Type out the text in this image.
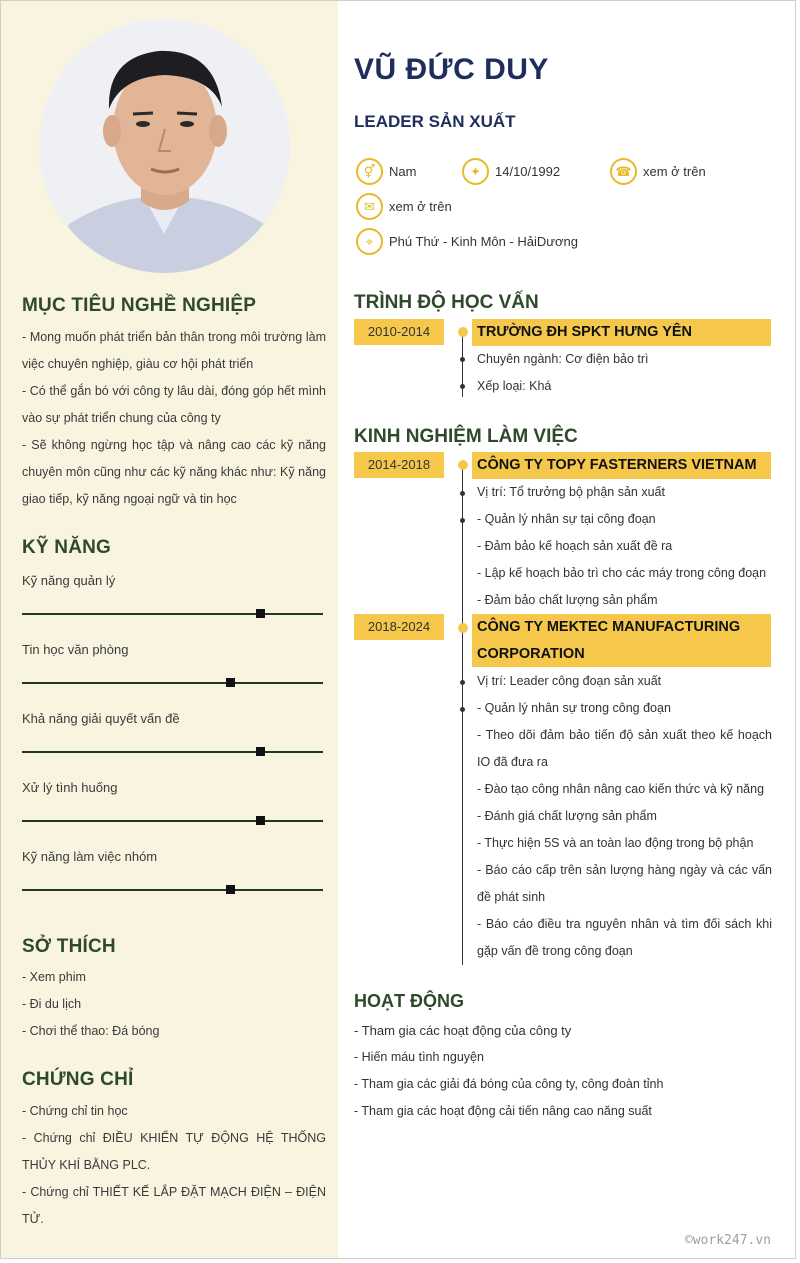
MỤC TIÊU NGHỀ NGHIỆP
- Mong muốn phát triển bản thân trong môi trường làm việc chuyên nghiệp, giàu cơ hội phát triển
- Có thể gắn bó với công ty lâu dài, đóng góp hết mình vào sự phát triển chung của công ty
- Sẽ không ngừng học tập và nâng cao các kỹ năng chuyên môn cũng như các kỹ năng khác như: Kỹ năng giao tiếp, kỹ năng ngoại ngữ và tin học
KỸ NĂNG
Kỹ năng quản lý
Tin học văn phòng
Khả năng giải quyết vấn đề
Xử lý tình huống
Kỹ năng làm việc nhóm
SỞ THÍCH
- Xem phim
- Đi du lịch
- Chơi thể thao: Đá bóng
CHỨNG CHỈ
- Chứng chỉ tin học
- Chứng chỉ ĐIỀU KHIỂN TỰ ĐỘNG HỆ THỐNG THỦY KHÍ BẰNG PLC.
- Chứng chỉ THIẾT KẾ LẮP ĐẶT MẠCH ĐIỆN – ĐIỆN TỬ.
VŨ ĐỨC DUY
LEADER SẢN XUẤT
⚥	Nam	✦	14/10/1992	☎ xem ở trên
✉	xem ở trên
⌖	Phú Thứ - Kinh Môn - HảiDương
TRÌNH ĐỘ HỌC VẤN
2010-2014	TRƯỜNG ĐH SPKT HƯNG YÊN
Chuyên ngành: Cơ điện bảo trì
Xếp loại: Khá
KINH NGHIỆM LÀM VIỆC
2014-2018	CÔNG TY TOPY FASTERNERS VIETNAM
Vị trí: Tổ trưởng bộ phận sản xuất
- Quản lý nhân sự tại công đoạn
- Đảm bảo kế hoạch sản xuất đề ra
- Lập kế hoạch bảo trì cho các máy trong công đoạn
- Đảm bảo chất lượng sản phẩm
2018-2024	CÔNG TY MEKTEC MANUFACTURING CORPORATION
Vị trí: Leader công đoạn sản xuất
- Quản lý nhân sự trong công đoạn
- Theo dõi đảm bảo tiến độ sản xuất theo kế hoạch IO đã đưa ra
- Đào tạo công nhân nâng cao kiến thức và kỹ năng
- Đánh giá chất lượng sản phẩm
- Thực hiện 5S và an toàn lao động trong bộ phận
- Báo cáo cấp trên sản lượng hàng ngày và các vấn đề phát sinh
- Báo cáo điều tra nguyên nhân và tìm đối sách khi gặp vấn đề trong công đoạn
HOẠT ĐỘNG
- Tham gia các hoạt động của công ty
- Hiến máu tình nguyện
- Tham gia các giải đá bóng của công ty, công đoàn tỉnh
- Tham gia các hoạt động cải tiến nâng cao năng suất
©work247.vn
